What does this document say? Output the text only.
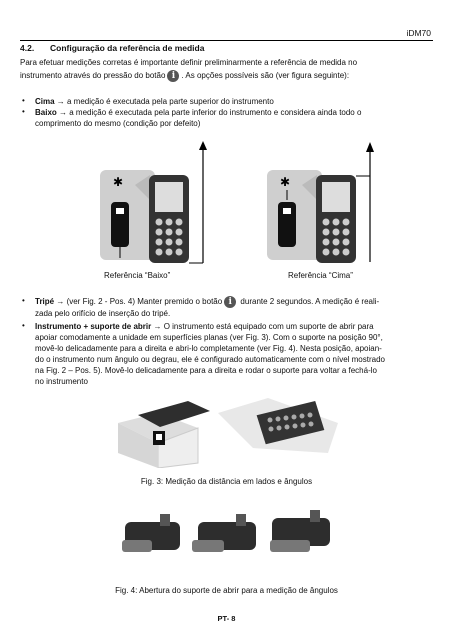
iDM70
4.2. Configuração da referência de medida
Para efetuar medições corretas é importante definir preliminarmente a referência de medida no
instrumento através do pressão do botão i . As opções possíveis são (ver figura seguinte):
• Cima → a medição é executada pela parte superior do instrumento
• Baixo → a medição é executada pela parte inferior do instrumento e considera ainda todo o
comprimento do mesmo (condição por defeito)
✱
Referência “Baixo”
✱
Referência “Cima”
• Tripé → (ver Fig. 2 - Pos. 4) Manter premido o botão i durante 2 segundos. A medição é reali-
zada pelo orifício de inserção do tripé.
• Instrumento + suporte de abrir → O instrumento está equipado com um suporte de abrir para
apoiar comodamente a unidade em superfícies planas (ver Fig. 3). Com o suporte na posição 90°,
movê-lo delicadamente para a direita e abri-lo completamente (ver Fig. 4). Nesta posição, apoian-
do o instrumento num ângulo ou degrau, ele é configurado automaticamente com o nível mostrado
na Fig. 2 – Pos. 5). Movê-lo delicadamente para a direita e rodar o suporte para voltar a fechá-lo
no instrumento
Fig. 3: Medição da distância em lados e ângulos
Fig. 4: Abertura do suporte de abrir para a medição de ângulos
PT- 8
